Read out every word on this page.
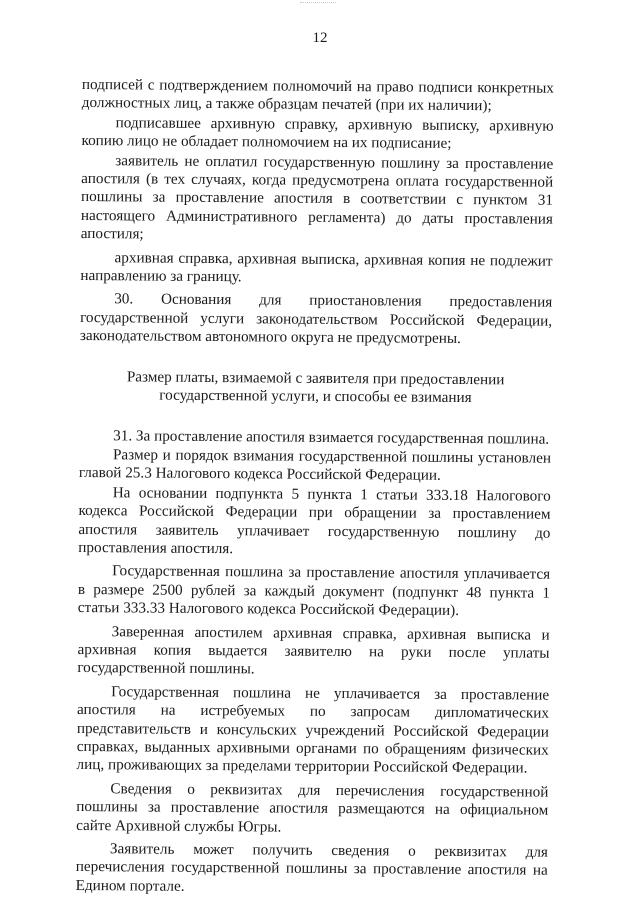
12

подписей с подтверждением полномочий на право подписи конкретных должностных лиц, а также образцам печатей (при их наличии);

подписавшее архивную справку, архивную выписку, архивную копию лицо не обладает полномочием на их подписание;

заявитель не оплатил государственную пошлину за проставление апостиля (в тех случаях, когда предусмотрена оплата государственной пошлины за проставление апостиля в соответствии с пунктом 31 настоящего Административного регламента) до даты проставления апостиля;

архивная справка, архивная выписка, архивная копия не подлежит направлению за границу.

30. Основания для приостановления предоставления государственной услуги законодательством Российской Федерации, законодательством автономного округа не предусмотрены.

Размер платы, взимаемой с заявителя при предоставлении государственной услуги, и способы ее взимания

31. За проставление апостиля взимается государственная пошлина.

Размер и порядок взимания государственной пошлины установлен главой 25.3 Налогового кодекса Российской Федерации.

На основании подпункта 5 пункта 1 статьи 333.18 Налогового кодекса Российской Федерации при обращении за проставлением апостиля заявитель уплачивает государственную пошлину до проставления апостиля.

Государственная пошлина за проставление апостиля уплачивается в размере 2500 рублей за каждый документ (подпункт 48 пункта 1 статьи 333.33 Налогового кодекса Российской Федерации).

Заверенная апостилем архивная справка, архивная выписка и архивная копия выдается заявителю на руки после уплаты государственной пошлины.

Государственная пошлина не уплачивается за проставление апостиля на истребуемых по запросам дипломатических представительств и консульских учреждений Российской Федерации справках, выданных архивными органами по обращениям физических лиц, проживающих за пределами территории Российской Федерации.

Сведения о реквизитах для перечисления государственной пошлины за проставление апостиля размещаются на официальном сайте Архивной службы Югры.

Заявитель может получить сведения о реквизитах для перечисления государственной пошлины за проставление апостиля на Едином портале.
